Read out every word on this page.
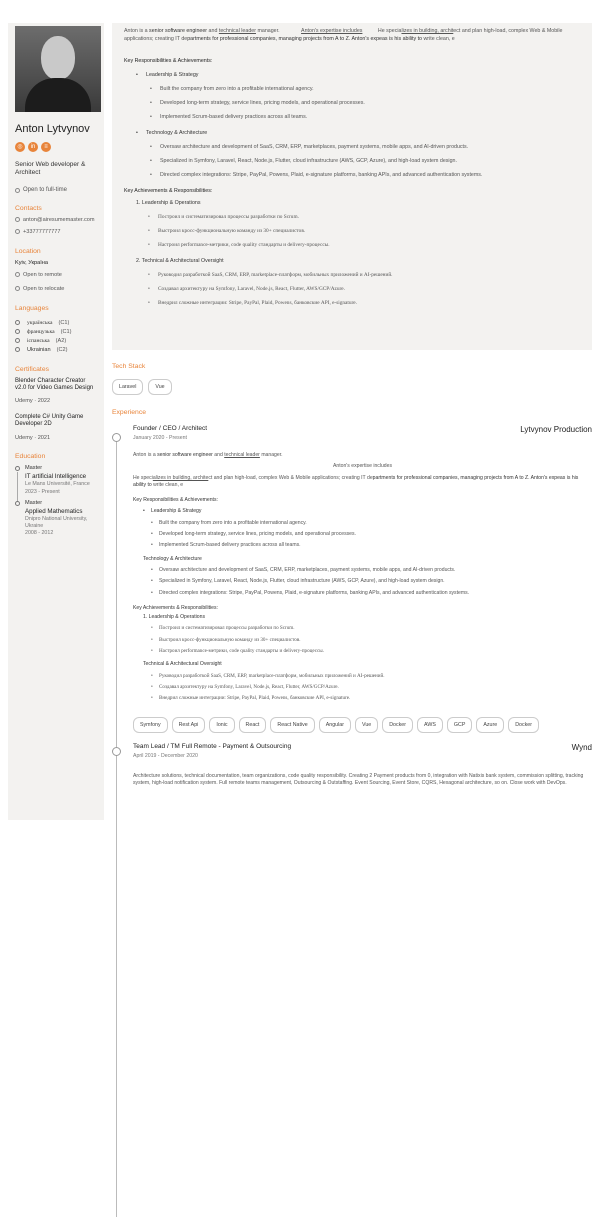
Anton Lytvynov
◎	in	≡
Senior Web developer & Architect
Open to full-time
Contacts
anton@airesumemaster.com
+33777777777
Location
Kyiv, Україна
Open to remote
Open to relocate
Languages
українська (C1)
французька (C1)
іспанська (A2)
Ukrainian (C2)
Certificates
Blender Character Creator v2.0 for Video Games Design
Udemy · 2022
Complete C# Unity Game Developer 2D
Udemy · 2021
Education
Master
IT artificial Intelligence
Le Mans Université, France
2023 - Present
Master
Applied Mathematics
Dnipro National University, Ukraine
2008 - 2012
Anton is a senior software engineer and technical leader manager.	Anton's expertise includes	He specializes in building, architect and plan high-load, complex Web & Mobile applications; creating IT departments for professional companies, managing projects from A to Z. Anton's expeas is his ability to write clean, e
Key Responsibilities & Achievements:
• Leadership & Strategy
• Built the company from zero into a profitable international agency.
• Developed long-term strategy, service lines, pricing models, and operational processes.
• Implemented Scrum-based delivery practices across all teams.
• Technology & Architecture
• Oversaw architecture and development of SaaS, CRM, ERP, marketplaces, payment systems, mobile apps, and AI-driven products.
• Specialized in Symfony, Laravel, React, Node.js, Flutter, cloud infrastructure (AWS, GCP, Azure), and high-load system design.
• Directed complex integrations: Stripe, PayPal, Powens, Plaid, e-signature platforms, banking APIs, and advanced authentication systems.
Key Achievements & Responsibilities:
1. Leadership & Operations
• Построил и систематизировал процессы разработки по Scrum.
• Выстроил кросс-функциональную команду из 30+ специалистов.
• Настроил performance-метрики, code quality стандарты и delivery-процессы.
2. Technical & Architectural Oversight
• Руководил разработкой SaaS, CRM, ERP, marketplace-платформ, мобильных приложений и AI-решений.
• Создавал архитектуру на Symfony, Laravel, Node.js, React, Flutter, AWS/GCP/Azure.
• Внедрил сложные интеграции: Stripe, PayPal, Plaid, Powens, банковские API, e-signature.
Tech Stack
Laravel	Vue
Experience
Founder / CEO / Architect	Lytvynov Production
January 2020 - Present
Anton is a senior software engineer and technical leader manager.
Anton's expertise includes
He specializes in building, architect and plan high-load, complex Web & Mobile applications; creating IT departments for professional companies, managing projects from A to Z. Anton's expeas is his ability to write clean, e
Key Responsibilities & Achievements:
• Leadership & Strategy
• Built the company from zero into a profitable international agency.
• Developed long-term strategy, service lines, pricing models, and operational processes.
• Implemented Scrum-based delivery practices across all teams.
Technology & Architecture
• Oversaw architecture and development of SaaS, CRM, ERP, marketplaces, payment systems, mobile apps, and AI-driven products.
• Specialized in Symfony, Laravel, React, Node.js, Flutter, cloud infrastructure (AWS, GCP, Azure), and high-load system design.
• Directed complex integrations: Stripe, PayPal, Powens, Plaid, e-signature platforms, banking APIs, and advanced authentication systems.
Key Achievements & Responsibilities:
1. Leadership & Operations
• Построил и систематизировал процессы разработки по Scrum.
• Выстроил кросс-функциональную команду из 30+ специалистов.
• Настроил performance-метрики, code quality стандарты и delivery-процессы.
Technical & Architectural Oversight
• Руководил разработкой SaaS, CRM, ERP, marketplace-платформ, мобильных приложений и AI-решений.
• Создавал архитектуру на Symfony, Laravel, Node.js, React, Flutter, AWS/GCP/Azure.
• Внедрил сложные интеграции: Stripe, PayPal, Plaid, Powens, банковские API, e-signature.
Symfony	Rest Api	Ionic	React	React Native	Angular	Vue	Docker	AWS	GCP	Azure	Docker
Team Lead / TM Full Remote - Payment & Outsourcing	Wynd
April 2019 - December 2020
Architecture solutions, technical documentation, team organizations, code quality responsibility. Creating 2 Payment products from 0, integration with Natixis bank system, commission splitting, tracking system, high-load notification system. Full remote teams management, Outsourcing & Outstaffing. Event Sourcing, Event Store, CQRS, Hexagonal architecture, so on. Close work with DevOps.
